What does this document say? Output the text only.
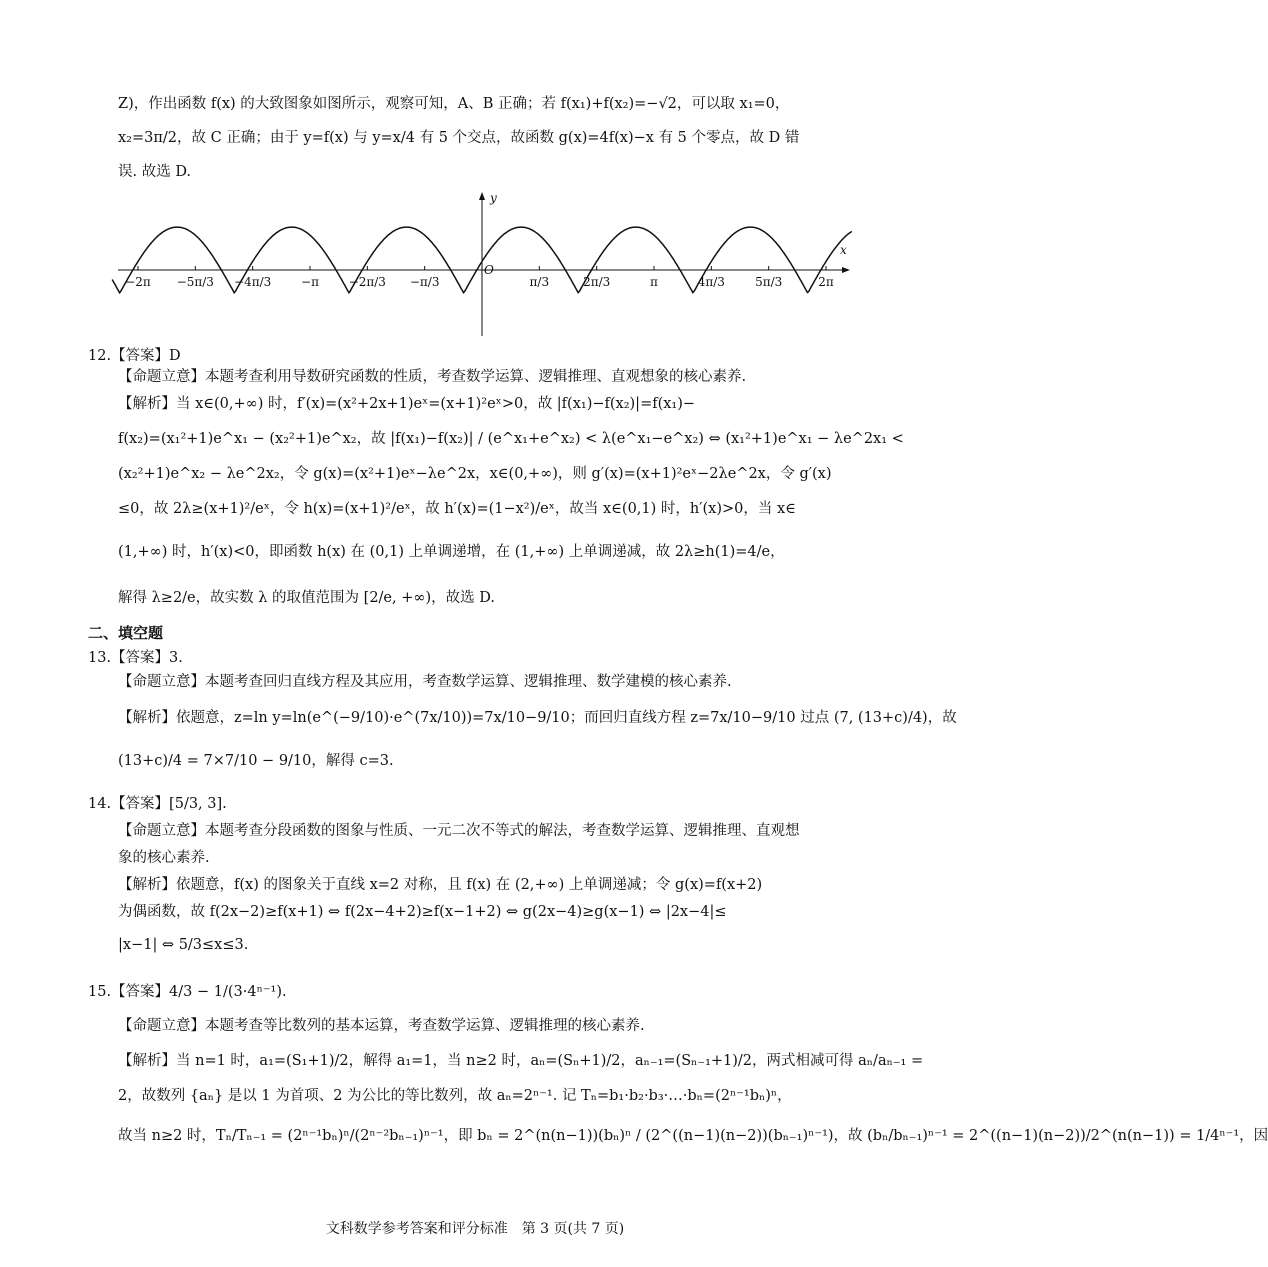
Z)，作出函数 f(x) 的大致图象如图所示，观察可知，A、B 正确；若 f(x₁)+f(x₂)=−√2，可以取 x₁=0，
x₂=3π/2，故 C 正确；由于 y=f(x) 与 y=x/4 有 5 个交点，故函数 g(x)=4f(x)−x 有 5 个零点，故 D 错
误. 故选 D.
x
y
O
−2π −5π/3 −4π/3 −π −2π/3 −π/3	π/3	2π/3	π	4π/3	5π/3	2π
12.【答案】D
【命题立意】本题考查利用导数研究函数的性质，考查数学运算、逻辑推理、直观想象的核心素养.
【解析】当 x∈(0,+∞) 时，f′(x)=(x²+2x+1)eˣ=(x+1)²eˣ>0，故 |f(x₁)−f(x₂)|=f(x₁)−
f(x₂)=(x₁²+1)e^x₁ − (x₂²+1)e^x₂，故 |f(x₁)−f(x₂)| / (e^x₁+e^x₂) < λ(e^x₁−e^x₂) ⇔ (x₁²+1)e^x₁ − λe^2x₁ <
(x₂²+1)e^x₂ − λe^2x₂，令 g(x)=(x²+1)eˣ−λe^2x，x∈(0,+∞)，则 g′(x)=(x+1)²eˣ−2λe^2x，令 g′(x)
≤0，故 2λ≥(x+1)²/eˣ，令 h(x)=(x+1)²/eˣ，故 h′(x)=(1−x²)/eˣ，故当 x∈(0,1) 时，h′(x)>0，当 x∈
(1,+∞) 时，h′(x)<0，即函数 h(x) 在 (0,1) 上单调递增，在 (1,+∞) 上单调递减，故 2λ≥h(1)=4/e，
解得 λ≥2/e，故实数 λ 的取值范围为 [2/e, +∞)，故选 D.
二、填空题
13.【答案】3.
【命题立意】本题考查回归直线方程及其应用，考查数学运算、逻辑推理、数学建模的核心素养.
【解析】依题意，z=ln y=ln(e^(−9/10)·e^(7x/10))=7x/10−9/10；而回归直线方程 z=7x/10−9/10 过点 (7, (13+c)/4)，故
(13+c)/4 = 7×7/10 − 9/10，解得 c=3.
14.【答案】[5/3, 3].
【命题立意】本题考查分段函数的图象与性质、一元二次不等式的解法，考查数学运算、逻辑推理、直观想
象的核心素养.
【解析】依题意，f(x) 的图象关于直线 x=2 对称，且 f(x) 在 (2,+∞) 上单调递减；令 g(x)=f(x+2)
为偶函数，故 f(2x−2)≥f(x+1) ⇔ f(2x−4+2)≥f(x−1+2) ⇔ g(2x−4)≥g(x−1) ⇔ |2x−4|≤
|x−1| ⇔ 5/3≤x≤3.
15.【答案】4/3 − 1/(3·4ⁿ⁻¹).
【命题立意】本题考查等比数列的基本运算，考查数学运算、逻辑推理的核心素养.
【解析】当 n=1 时，a₁=(S₁+1)/2，解得 a₁=1，当 n≥2 时，aₙ=(Sₙ+1)/2，aₙ₋₁=(Sₙ₋₁+1)/2，两式相减可得 aₙ/aₙ₋₁ =
2，故数列 {aₙ} 是以 1 为首项、2 为公比的等比数列，故 aₙ=2ⁿ⁻¹. 记 Tₙ=b₁·b₂·b₃·…·bₙ=(2ⁿ⁻¹bₙ)ⁿ，
故当 n≥2 时，Tₙ/Tₙ₋₁ = (2ⁿ⁻¹bₙ)ⁿ/(2ⁿ⁻²bₙ₋₁)ⁿ⁻¹，即 bₙ = 2^(n(n−1))(bₙ)ⁿ / (2^((n−1)(n−2))(bₙ₋₁)ⁿ⁻¹)，故 (bₙ/bₙ₋₁)ⁿ⁻¹ = 2^((n−1)(n−2))/2^(n(n−1)) = 1/4ⁿ⁻¹，因
文科数学参考答案和评分标准　第 3 页(共 7 页)
